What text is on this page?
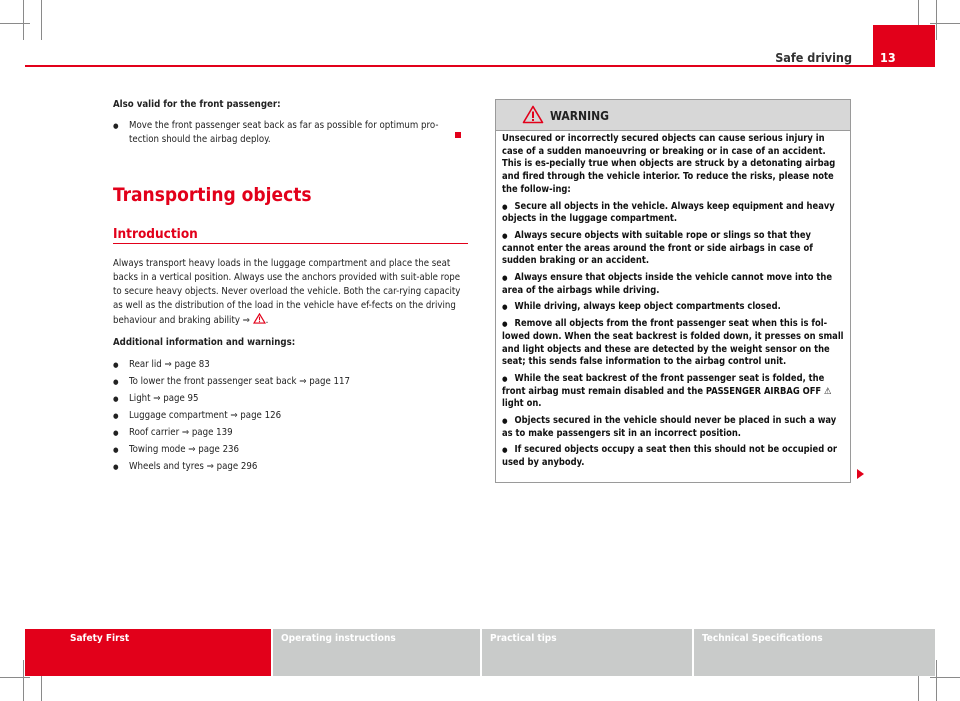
Safe driving 13

Also valid for the front passenger:

● Move the front passenger seat back as far as possible for optimum pro-tection should the airbag deploy.

Transporting objects
Introduction

Always transport heavy loads in the luggage compartment and place the seat backs in a vertical position. Always use the anchors provided with suit-able rope to secure heavy objects. Never overload the vehicle. Both the car-rying capacity as well as the distribution of the load in the vehicle have ef-fects on the driving behaviour and braking ability ⇒ .

Additional information and warnings:

● Rear lid ⇒ page 83
● To lower the front passenger seat back ⇒ page 117
● Light ⇒ page 95
● Luggage compartment ⇒ page 126
● Roof carrier ⇒ page 139
● Towing mode ⇒ page 236
● Wheels and tyres ⇒ page 296
WARNING

Unsecured or incorrectly secured objects can cause serious injury in case of a sudden manoeuvring or breaking or in case of an accident. This is es-pecially true when objects are struck by a detonating airbag and fired through the vehicle interior. To reduce the risks, please note the follow-ing:

● Secure all objects in the vehicle. Always keep equipment and heavy objects in the luggage compartment.

● Always secure objects with suitable rope or slings so that they cannot enter the areas around the front or side airbags in case of sudden braking or an accident.

● Always ensure that objects inside the vehicle cannot move into the area of the airbags while driving.

● While driving, always keep object compartments closed.

● Remove all objects from the front passenger seat when this is fol-lowed down. When the seat backrest is folded down, it presses on small and light objects and these are detected by the weight sensor on the seat; this sends false information to the airbag control unit.

● While the seat backrest of the front passenger seat is folded, the front airbag must remain disabled and the PASSENGER AIRBAG OFF ⚠ light on.

● Objects secured in the vehicle should never be placed in such a way as to make passengers sit in an incorrect position.

● If secured objects occupy a seat then this should not be occupied or used by anybody.

Safety First	Operating instructions	Practical tips	Technical Specifications
